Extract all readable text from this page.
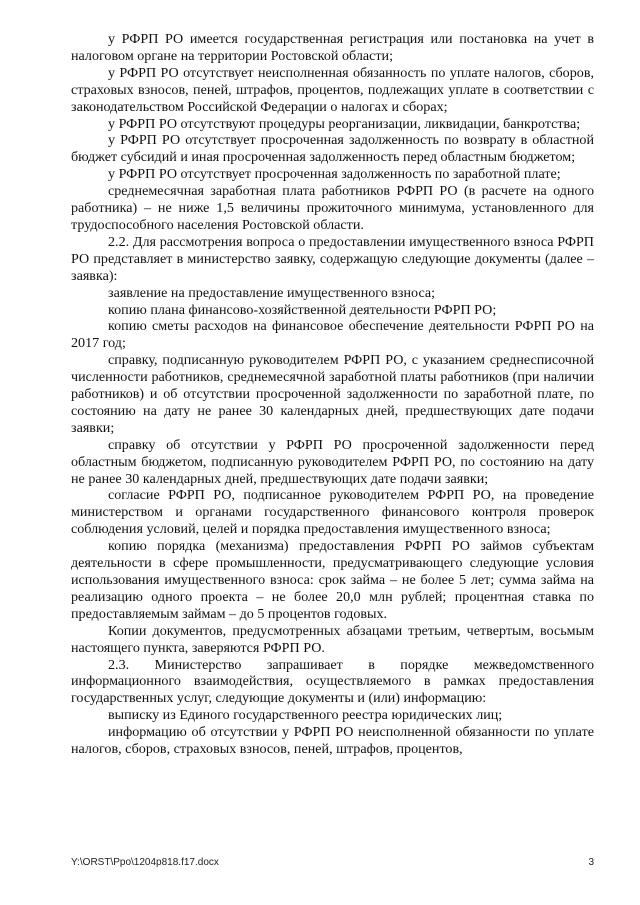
у РФРП РО имеется государственная регистрация или постановка на учет в налоговом органе на территории Ростовской области;

у РФРП РО отсутствует неисполненная обязанность по уплате налогов, сборов, страховых взносов, пеней, штрафов, процентов, подлежащих уплате в соответствии с законодательством Российской Федерации о налогах и сборах;

у РФРП РО отсутствуют процедуры реорганизации, ликвидации, банкротства;

у РФРП РО отсутствует просроченная задолженность по возврату в областной бюджет субсидий и иная просроченная задолженность перед областным бюджетом;

у РФРП РО отсутствует просроченная задолженность по заработной плате;

среднемесячная заработная плата работников РФРП РО (в расчете на одного работника) – не ниже 1,5 величины прожиточного минимума, установленного для трудоспособного населения Ростовской области.

2.2. Для рассмотрения вопроса о предоставлении имущественного взноса РФРП РО представляет в министерство заявку, содержащую следующие документы (далее – заявка):

заявление на предоставление имущественного взноса;

копию плана финансово-хозяйственной деятельности РФРП РО;

копию сметы расходов на финансовое обеспечение деятельности РФРП РО на 2017 год;

справку, подписанную руководителем РФРП РО, с указанием среднесписочной численности работников, среднемесячной заработной платы работников (при наличии работников) и об отсутствии просроченной задолженности по заработной плате, по состоянию на дату не ранее 30 календарных дней, предшествующих дате подачи заявки;

справку об отсутствии у РФРП РО просроченной задолженности перед областным бюджетом, подписанную руководителем РФРП РО, по состоянию на дату не ранее 30 календарных дней, предшествующих дате подачи заявки;

согласие РФРП РО, подписанное руководителем РФРП РО, на проведение министерством и органами государственного финансового контроля проверок соблюдения условий, целей и порядка предоставления имущественного взноса;

копию порядка (механизма) предоставления РФРП РО займов субъектам деятельности в сфере промышленности, предусматривающего следующие условия использования имущественного взноса: срок займа – не более 5 лет; сумма займа на реализацию одного проекта – не более 20,0 млн рублей; процентная ставка по предоставляемым займам – до 5 процентов годовых.

Копии документов, предусмотренных абзацами третьим, четвертым, восьмым настоящего пункта, заверяются РФРП РО.

2.3. Министерство запрашивает в порядке межведомственного информационного взаимодействия, осуществляемого в рамках предоставления государственных услуг, следующие документы и (или) информацию:

выписку из Единого государственного реестра юридических лиц;

информацию об отсутствии у РФРП РО неисполненной обязанности по уплате налогов, сборов, страховых взносов, пеней, штрафов, процентов,

Y:\ORST\Ppo\1204p818.f17.docx	3
